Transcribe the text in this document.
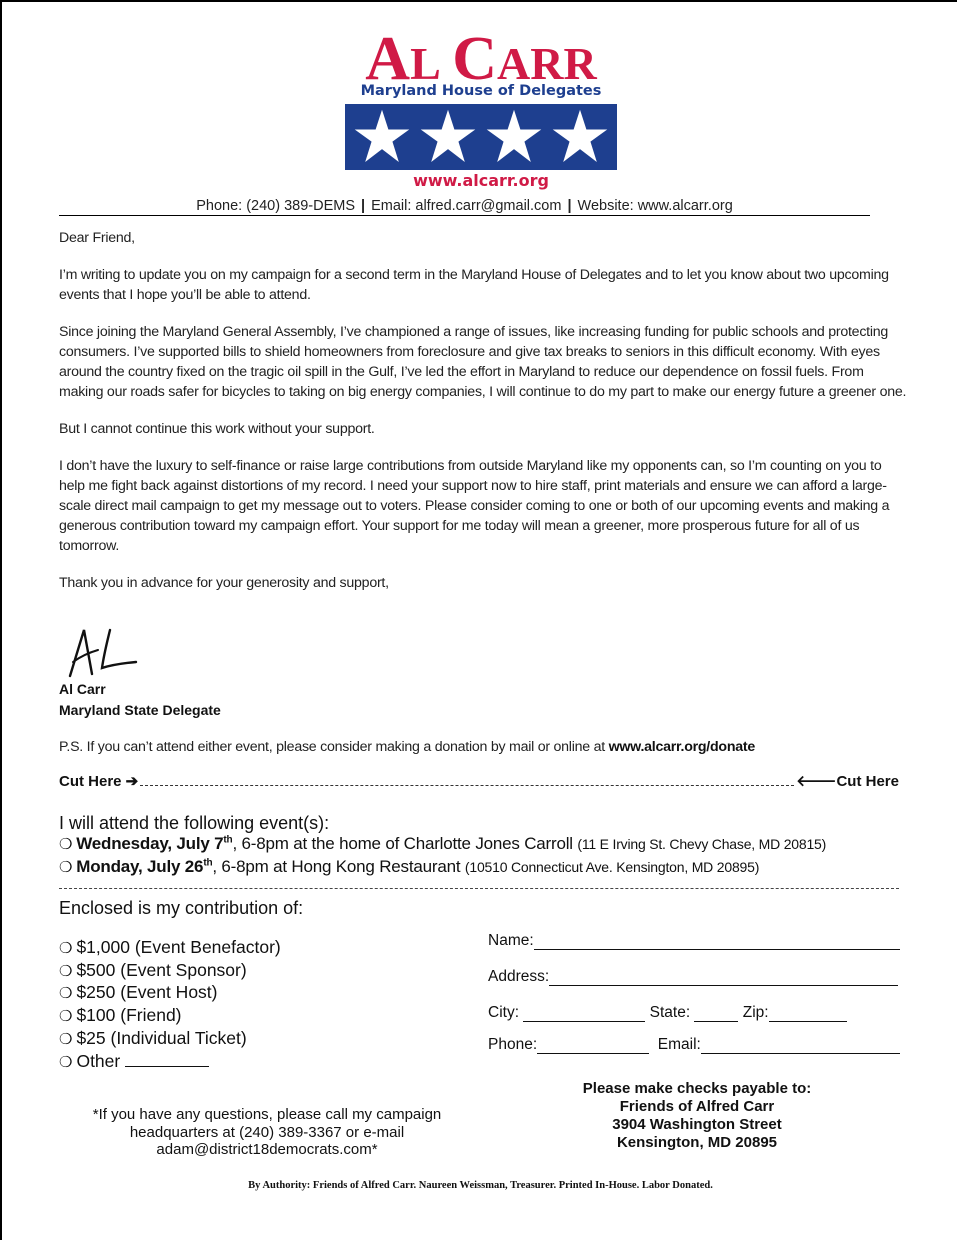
AL CARR
Maryland House of Delegates
www.alcarr.org
Phone: (240) 389-DEMS | Email: alfred.carr@gmail.com | Website: www.alcarr.org

Dear Friend,

I’m writing to update you on my campaign for a second term in the Maryland House of Delegates and to let you know about two upcoming events that I hope you’ll be able to attend.

Since joining the Maryland General Assembly, I’ve championed a range of issues, like increasing funding for public schools and protecting consumers. I’ve supported bills to shield homeowners from foreclosure and give tax breaks to seniors in this difficult economy. With eyes around the country fixed on the tragic oil spill in the Gulf, I’ve led the effort in Maryland to reduce our dependence on fossil fuels. From making our roads safer for bicycles to taking on big energy companies, I will continue to do my part to make our energy future a greener one.

But I cannot continue this work without your support.

I don’t have the luxury to self-finance or raise large contributions from outside Maryland like my opponents can, so I’m counting on you to help me fight back against distortions of my record. I need your support now to hire staff, print materials and ensure we can afford a large-scale direct mail campaign to get my message out to voters. Please consider coming to one or both of our upcoming events and making a generous contribution toward my campaign effort. Your support for me today will mean a greener, more prosperous future for all of us tomorrow.

Thank you in advance for your generosity and support,

Al Carr
Maryland State Delegate
P.S. If you can’t attend either event, please consider making a donation by mail or online at www.alcarr.org/donate
Cut Here ➔	🡐Cut Here
I will attend the following event(s):
❍ Wednesday, July 7th, 6-8pm at the home of Charlotte Jones Carroll (11 E Irving St. Chevy Chase, MD 20815)
❍ Monday, July 26th, 6-8pm at Hong Kong Restaurant (10510 Connecticut Ave. Kensington, MD 20895)
Enclosed is my contribution of:
❍ $1,000 (Event Benefactor)
❍ $500 (Event Sponsor)
❍ $250 (Event Host)
❍ $100 (Friend)
❍ $25 (Individual Ticket)
❍ Other
Name:
Address:
City:

	State:

	Zip:
Phone:
	Email:
*If you have any questions, please call my campaign
headquarters at (240) 389-3367 or e-mail
adam@district18democrats.com*
Please make checks payable to:
Friends of Alfred Carr
3904 Washington Street
Kensington, MD 20895
By Authority: Friends of Alfred Carr. Naureen Weissman, Treasurer. Printed In-House. Labor Donated.
